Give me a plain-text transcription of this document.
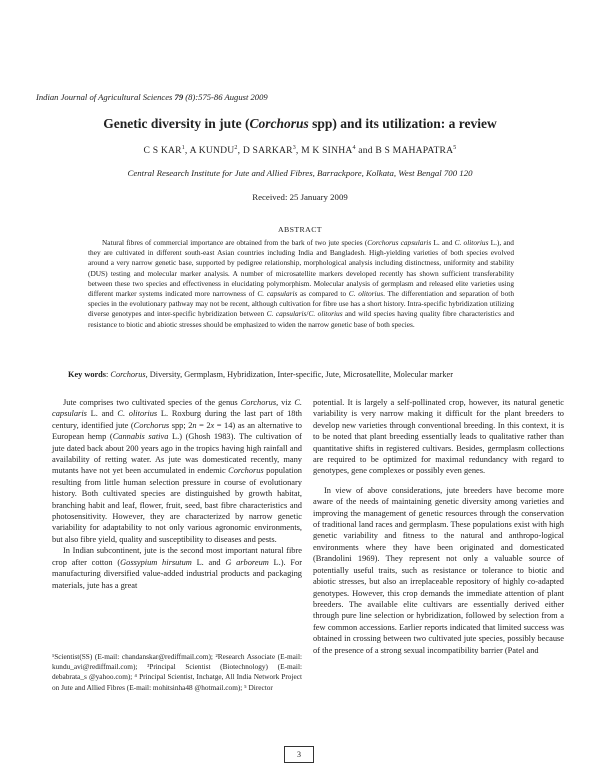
Indian Journal of Agricultural Sciences 79 (8):575-86 August 2009
Genetic diversity in jute (Corchorus spp) and its utilization: a review
C S KAR$^1$, A KUNDU$^2$, D SARKAR$^3$, M K SINHA$^4$ and B S MAHAPATRA$^5$
Central Research Institute for Jute and Allied Fibres, Barrackpore, Kolkata, West Bengal 700 120
Received: 25 January 2009
ABSTRACT

Natural fibres of commercial importance are obtained from the bark of two jute species (Corchorus capsularis L. and C. olitorius L.), and they are cultivated in different south-east Asian countries including India and Bangladesh. High-yielding varieties of both species evolved around a very narrow genetic base, supported by pedigree relationship, morphological analysis including distinctness, uniformity and stability (DUS) testing and molecular marker analysis. A number of microsatellite markers developed recently has shown sufficient transferability between these two species and effectiveness in elucidating polymorphism. Molecular analysis of germplasm and released elite varieties using different marker systems indicated more narrowness of C. capsularis as compared to C. olitorius. The differentiation and separation of both species in the evolutionary pathway may not be recent, although cultivation for fibre use has a short history. Intra-specific hybridization utilizing diverse genotypes and inter-specific hybridization between C. capsularis/C. olitorius and wild species having quality fibre characteristics and resistance to biotic and abiotic stresses should be emphasized to widen the narrow genetic base of both species.

Key words: Corchorus, Diversity, Germplasm, Hybridization, Inter-specific, Jute, Microsatellite, Molecular marker

Jute comprises two cultivated species of the genus Corchorus, viz C. capsularis L. and C. olitorius L. Roxburg during the last part of 18th century, identified jute (Corchorus spp; 2n = 2x = 14) as an alternative to European hemp (Cannabis sativa L.) (Ghosh 1983). The cultivation of jute dated back about 200 years ago in the tropics having high rainfall and availability of retting water. As jute was domesticated recently, many mutants have not yet been accumulated in endemic Corchorus population resulting from little human selection pressure in course of evolutionary history. Both cultivated species are distinguished by growth habitat, branching habit and leaf, flower, fruit, seed, bast fibre characteristics and photosensitivity. However, they are characterized by narrow genetic variability for adaptability to not only various agronomic environments, but also fibre yield, quality and susceptibility to diseases and pests.

In Indian subcontinent, jute is the second most important natural fibre crop after cotton (Gossypium hirsutum L. and G arboreum L.). For manufacturing diversified value-added industrial products and packaging materials, jute has a great

¹Scientist(SS) (E-mail: chandanskar@rediffmail.com); ²Research Associate (E-mail: kundu_avi@rediffmail.com); ³Principal Scientist (Biotechnology) (E-mail: debabrata_s @yahoo.com); ⁴ Principal Scientist, Inchatge, All India Network Project on Jute and Allied Fibres (E-mail: mohitsinha48 @hotmail.com); ⁵ Director

potential. It is largely a self-pollinated crop, however, its natural genetic variability is very narrow making it difficult for the plant breeders to develop new varieties through conventional breeding. In this context, it is to be noted that plant breeding essentially leads to qualitative rather than quantitative shifts in registered cultivars. Besides, germplasm collections are required to be optimized for maximal redundancy with regard to genotypes, gene complexes or possibly even genes.

In view of above considerations, jute breeders have become more aware of the needs of maintaining genetic diversity among varieties and improving the management of genetic resources through the conservation of traditional land races and germplasm. These populations exist with high genetic variability and fitness to the natural and anthropo-logical environments where they have been originated and domesticated (Brandolini 1969). They represent not only a valuable source of potentially useful traits, such as resistance or tolerance to biotic and abiotic stresses, but also an irreplaceable repository of highly co-adapted genotypes. However, this crop demands the immediate attention of plant breeders. The available elite cultivars are essentially derived either through pure line selection or hybridization, followed by selection from a few common accessions. Earlier reports indicated that limited success was obtained in crossing between two cultivated jute species, possibly because of the presence of a strong sexual incompatibility barrier (Patel and

3
